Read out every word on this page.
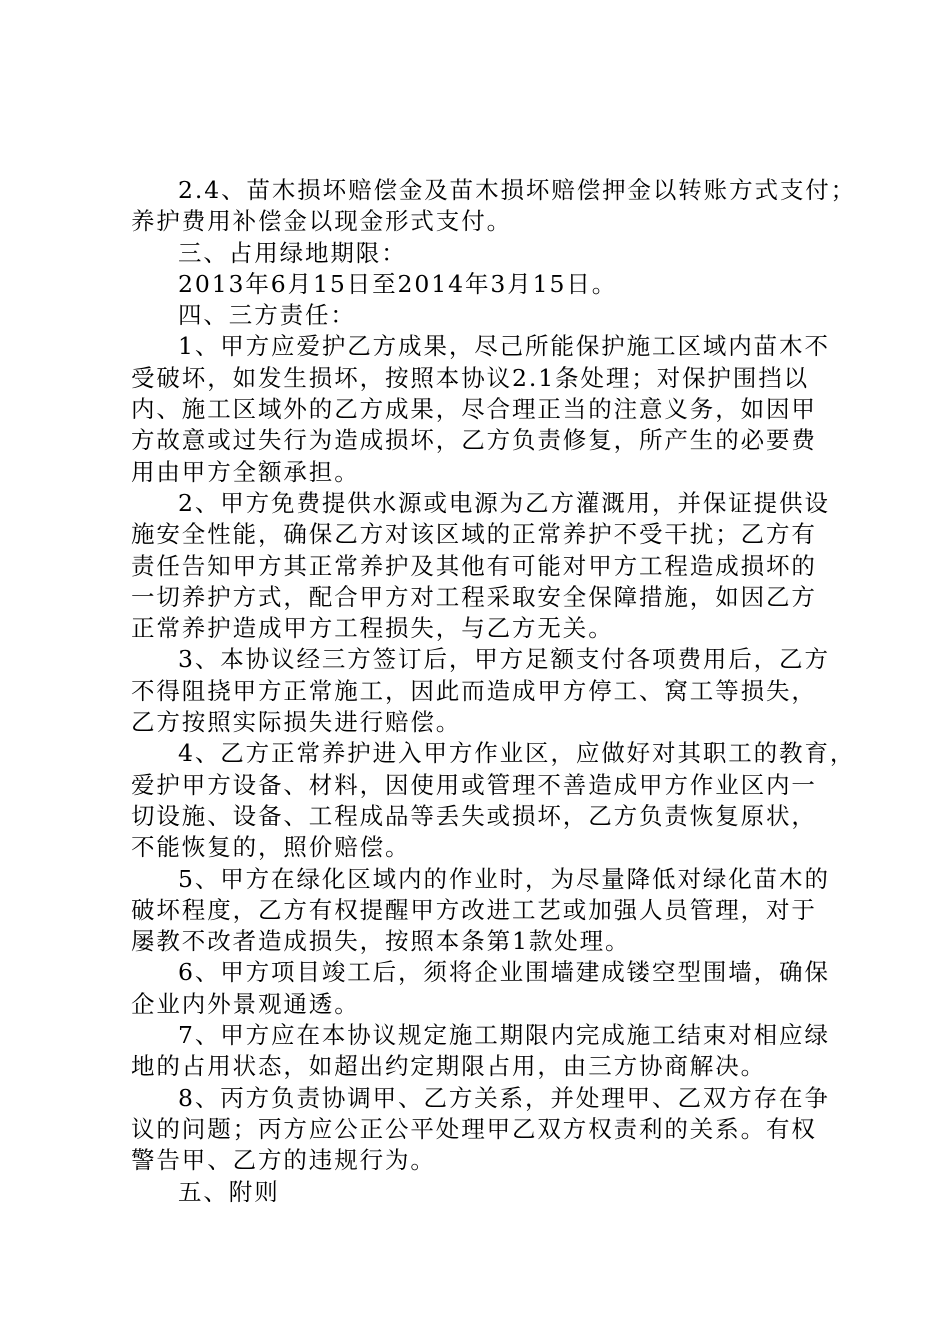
2.4、苗木损坏赔偿金及苗木损坏赔偿押金以转账方式支付；
养护费用补偿金以现金形式支付。
三、占用绿地期限：
2013年6月15日至2014年3月15日。
四、三方责任：
1、甲方应爱护乙方成果，尽己所能保护施工区域内苗木不
受破坏，如发生损坏，按照本协议2.1条处理；对保护围挡以
内、施工区域外的乙方成果，尽合理正当的注意义务，如因甲
方故意或过失行为造成损坏，乙方负责修复，所产生的必要费
用由甲方全额承担。
2、甲方免费提供水源或电源为乙方灌溉用，并保证提供设
施安全性能，确保乙方对该区域的正常养护不受干扰；乙方有
责任告知甲方其正常养护及其他有可能对甲方工程造成损坏的
一切养护方式，配合甲方对工程采取安全保障措施，如因乙方
正常养护造成甲方工程损失，与乙方无关。
3、本协议经三方签订后，甲方足额支付各项费用后，乙方
不得阻挠甲方正常施工，因此而造成甲方停工、窝工等损失，
乙方按照实际损失进行赔偿。
4、乙方正常养护进入甲方作业区，应做好对其职工的教育，
爱护甲方设备、材料，因使用或管理不善造成甲方作业区内一
切设施、设备、工程成品等丢失或损坏，乙方负责恢复原状，
不能恢复的，照价赔偿。
5、甲方在绿化区域内的作业时，为尽量降低对绿化苗木的
破坏程度，乙方有权提醒甲方改进工艺或加强人员管理，对于
屡教不改者造成损失，按照本条第1款处理。
6、甲方项目竣工后，须将企业围墙建成镂空型围墙，确保
企业内外景观通透。
7、甲方应在本协议规定施工期限内完成施工结束对相应绿
地的占用状态，如超出约定期限占用，由三方协商解决。
8、丙方负责协调甲、乙方关系，并处理甲、乙双方存在争
议的问题；丙方应公正公平处理甲乙双方权责利的关系。有权
警告甲、乙方的违规行为。
五、附则
